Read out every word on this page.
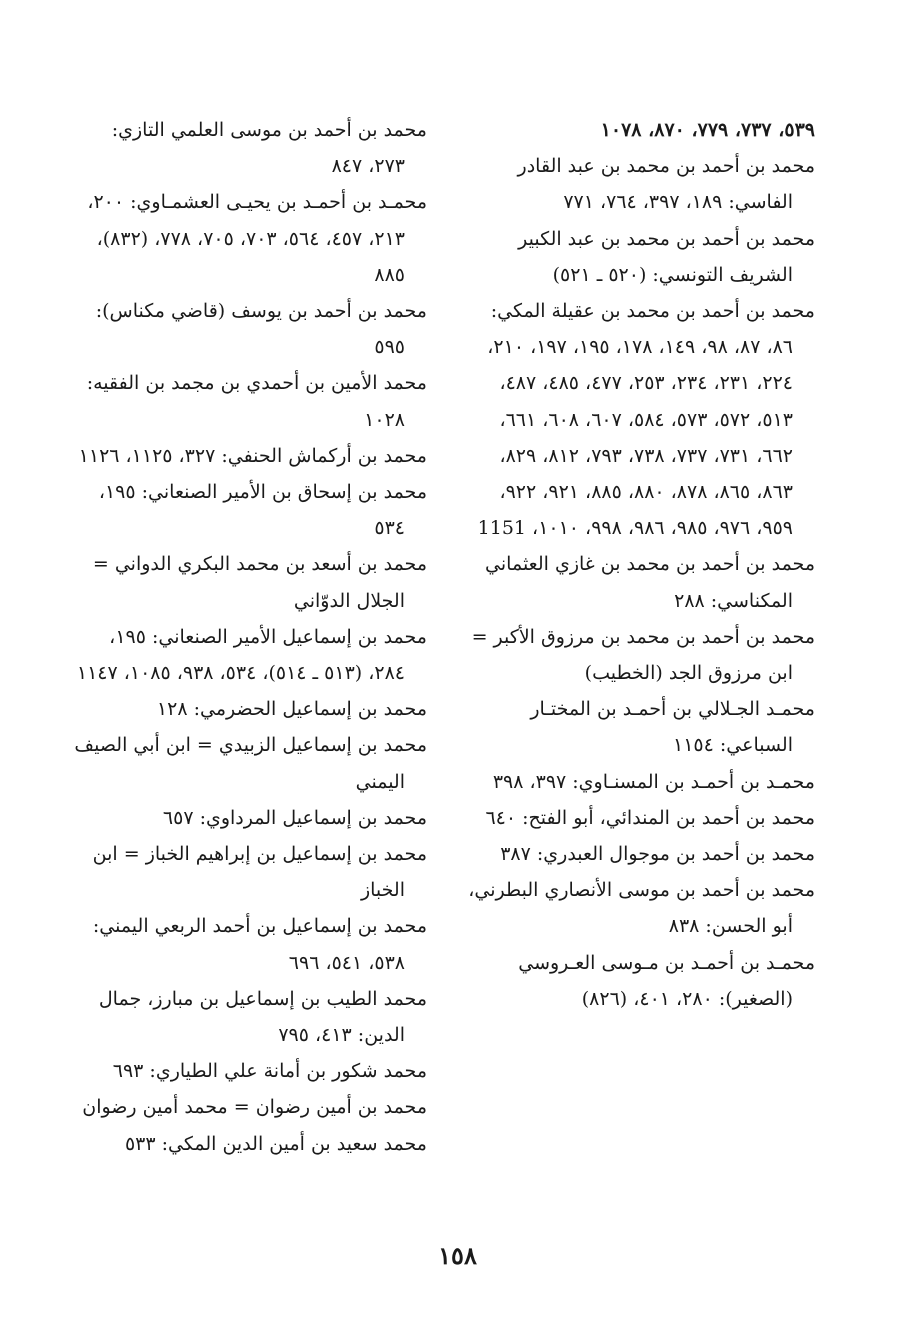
٥٣٩، ٧٣٧، ٧٧٩، ٨٧٠، ١٠٧٨

محمد بن أحمد بن محمد بن عبد القادر الفاسي: ١٨٩، ٣٩٧، ٧٦٤، ٧٧١

محمد بن أحمد بن محمد بن عبد الكبير الشريف التونسي: (٥٢٠ ـ ٥٢١)

محمد بن أحمد بن محمد بن عقيلة المكي: ٨٦، ٨٧، ٩٨، ١٤٩، ١٧٨، ١٩٥، ١٩٧، ٢١٠، ٢٢٤، ٢٣١، ٢٣٤، ٢٥٣، ٤٧٧، ٤٨٥، ٤٨٧، ٥١٣، ٥٧٢، ٥٧٣، ٥٨٤، ٦٠٧، ٦٠٨، ٦٦١، ٦٦٢، ٧٣١، ٧٣٧، ٧٣٨، ٧٩٣، ٨١٢، ٨٢٩، ٨٦٣، ٨٦٥، ٨٧٨، ٨٨٠، ٨٨٥، ٩٢١، ٩٢٢، ٩٥٩، ٩٧٦، ٩٨٥، ٩٨٦، ٩٩٨، ١٠١٠، 1151

محمد بن أحمد بن محمد بن غازي العثماني المكناسي: ٢٨٨

محمد بن أحمد بن محمد بن مرزوق الأكبر = ابن مرزوق الجد (الخطيب)

محمـد الجـلالي بن أحمـد بن المختـار السباعي: ١١٥٤

محمـد بن أحمـد بن المسنـاوي: ٣٩٧، ٣٩٨

محمد بن أحمد بن المندائي، أبو الفتح: ٦٤٠

محمد بن أحمد بن موجوال العبدري: ٣٨٧

محمد بن أحمد بن موسى الأنصاري البطرني، أبو الحسن: ٨٣٨

محمـد بن أحمـد بن مـوسى العـروسي (الصغير): ٢٨٠، ٤٠١، (٨٢٦)

محمد بن أحمد بن موسى العلمي التازي: ٢٧٣، ٨٤٧

محمـد بن أحمـد بن يحيـى العشمـاوي: ٢٠٠، ٢١٣، ٤٥٧، ٥٦٤، ٧٠٣، ٧٠٥، ٧٧٨، (٨٣٢)، ٨٨٥

محمد بن أحمد بن يوسف (قاضي مكناس): ٥٩٥

محمد الأمين بن أحمدي بن مجمد بن الفقيه: ١٠٢٨

محمد بن أركماش الحنفي: ٣٢٧، ١١٢٥، ١١٢٦

محمد بن إسحاق بن الأمير الصنعاني: ١٩٥، ٥٣٤

محمد بن أسعد بن محمد البكري الدواني = الجلال الدوّاني

محمد بن إسماعيل الأمير الصنعاني: ١٩٥، ٢٨٤، (٥١٣ ـ ٥١٤)، ٥٣٤، ٩٣٨، ١٠٨٥، ١١٤٧

محمد بن إسماعيل الحضرمي: ١٢٨

محمد بن إسماعيل الزبيدي = ابن أبي الصيف اليمني

محمد بن إسماعيل المرداوي: ٦٥٧

محمد بن إسماعيل بن إبراهيم الخباز = ابن الخباز

محمد بن إسماعيل بن أحمد الربعي اليمني: ٥٣٨، ٥٤١، ٦٩٦

محمد الطيب بن إسماعيل بن مبارز، جمال الدين: ٤١٣، ٧٩٥

محمد شكور بن أمانة علي الطياري: ٦٩٣

محمد بن أمين رضوان = محمد أمين رضوان

محمد سعيد بن أمين الدين المكي: ٥٣٣

١٥٨
